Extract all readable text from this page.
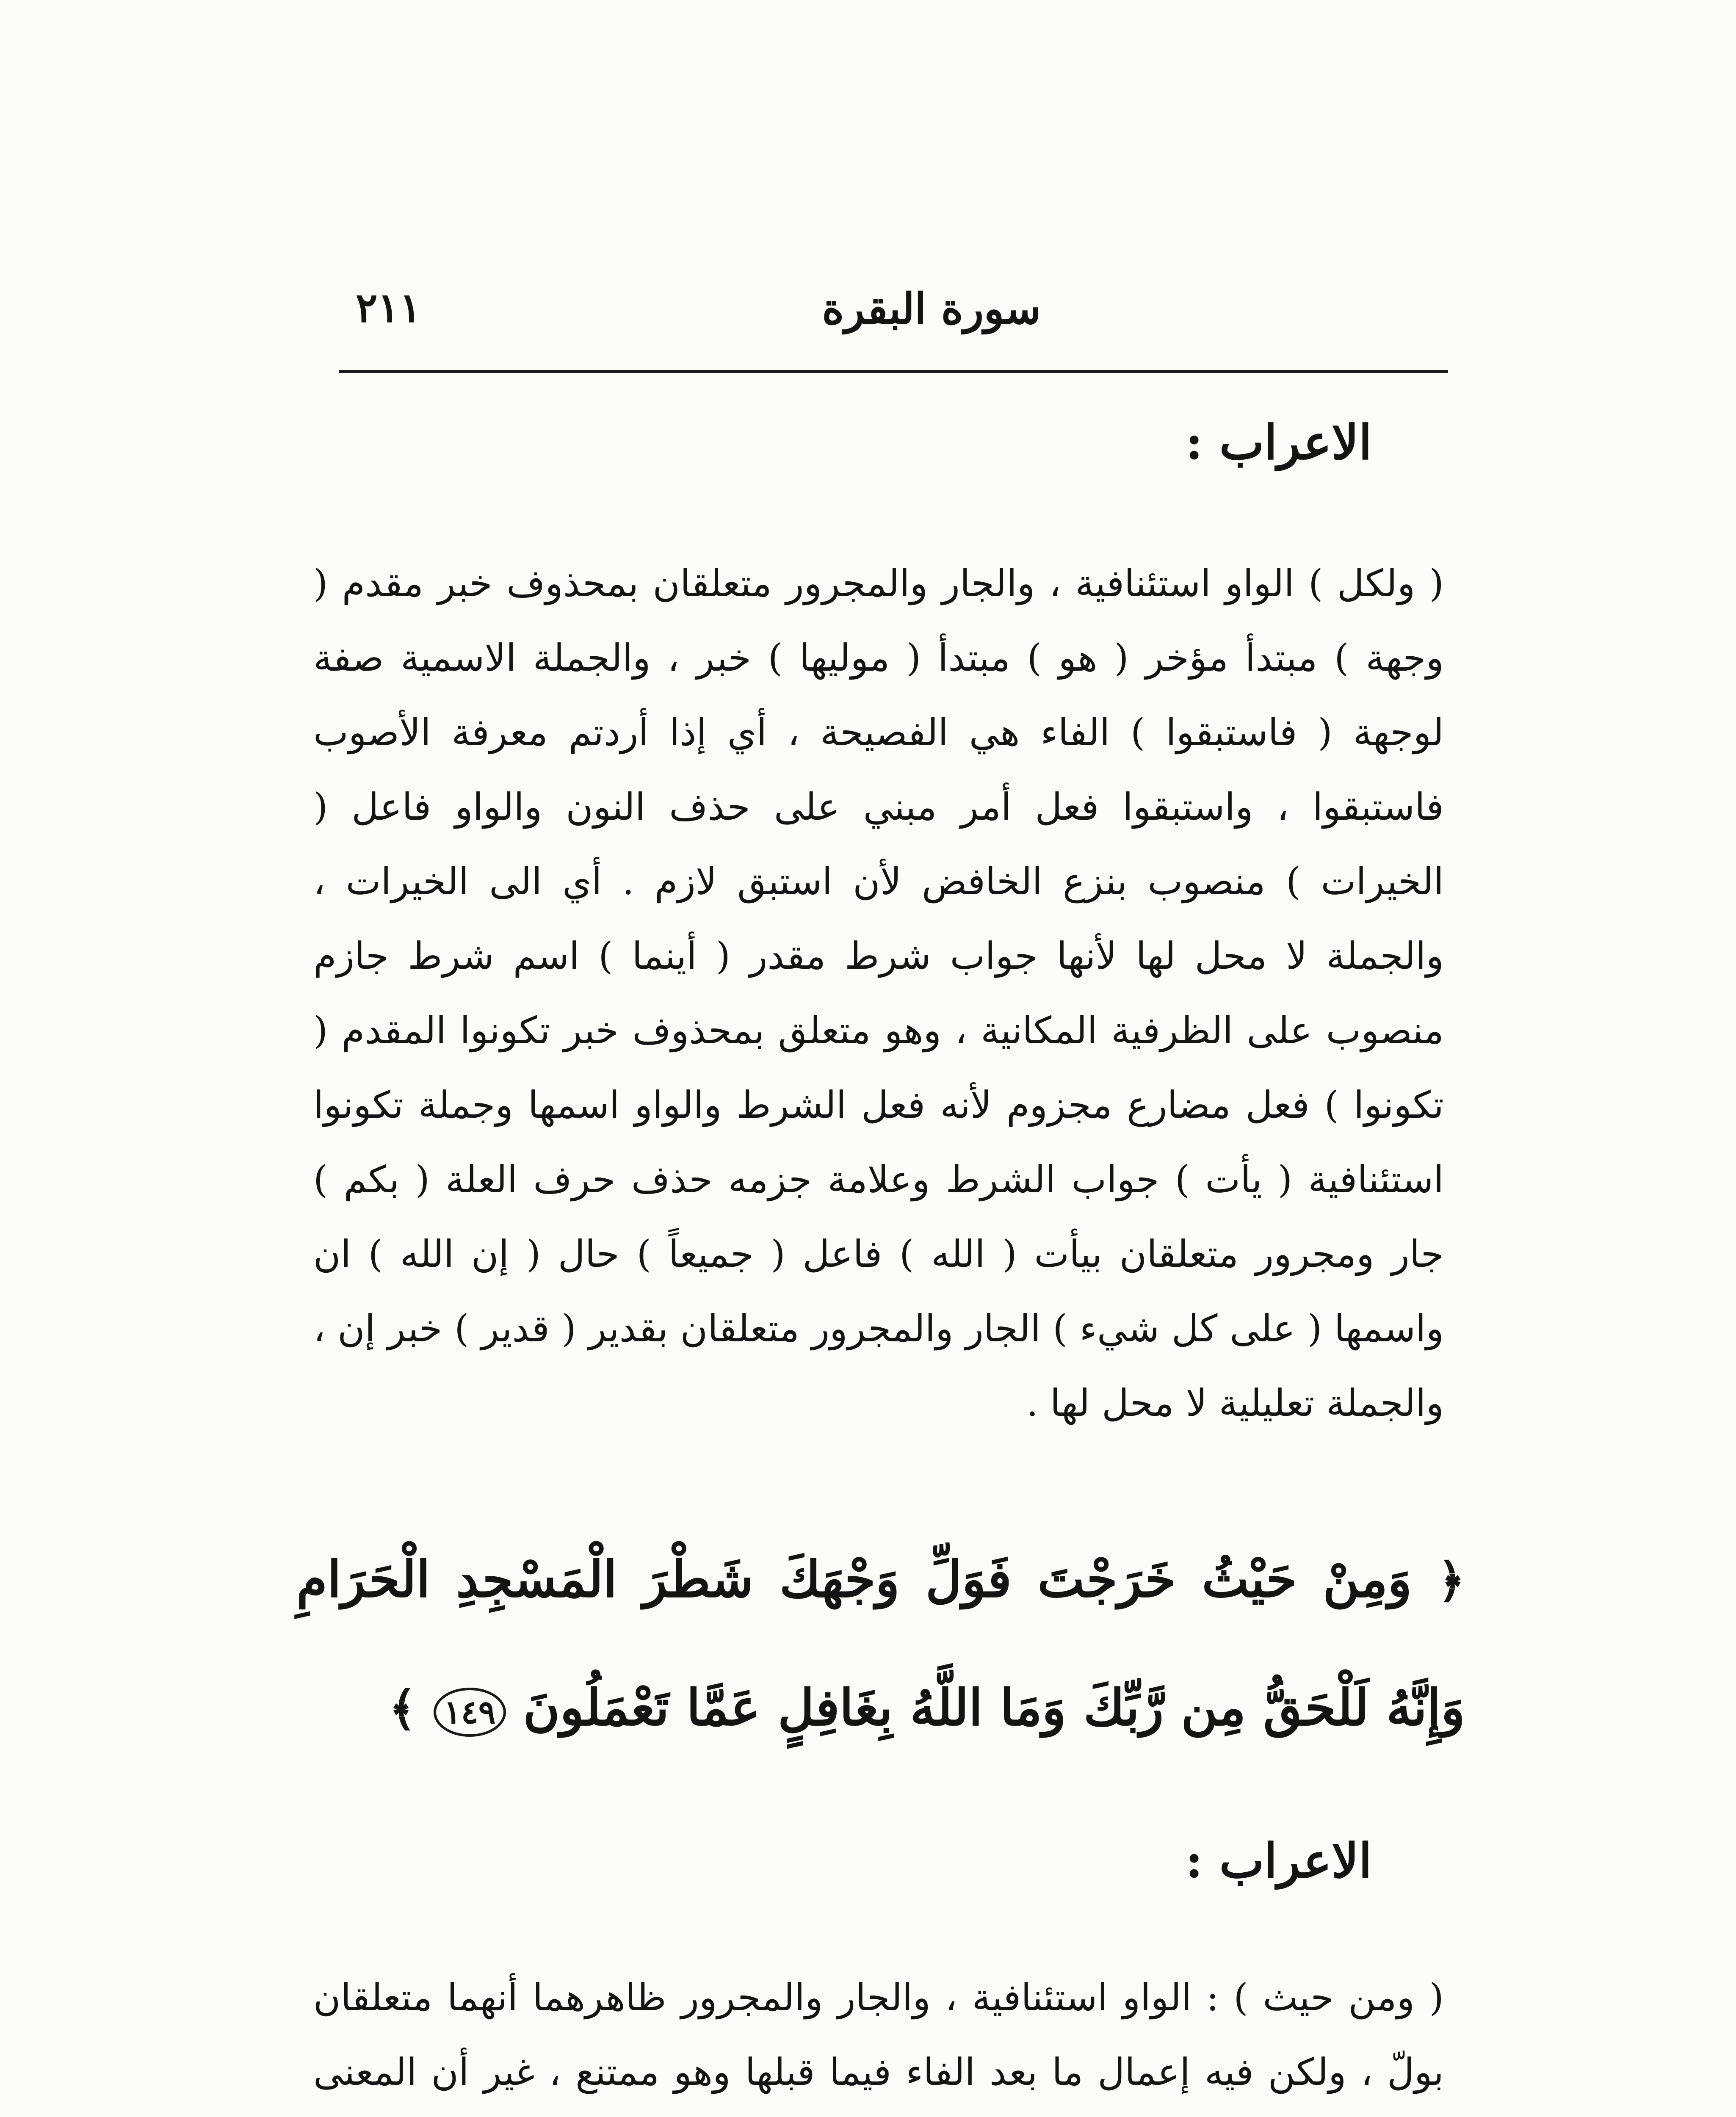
٢١١	سورة البقرة
الاعراب :

( ولكل ) الواو استئنافية ، والجار والمجرور متعلقان بمحذوف خبر مقدم ( وجهة ) مبتدأ مؤخر ( هو ) مبتدأ ( موليها ) خبر ، والجملة الاسمية صفة لوجهة ( فاستبقوا ) الفاء هي الفصيحة ، أي إذا أردتم معرفة الأصوب فاستبقوا ، واستبقوا فعل أمر مبني على حذف النون والواو فاعل ( الخيرات ) منصوب بنزع الخافض لأن استبق لازم . أي الى الخيرات ، والجملة لا محل لها لأنها جواب شرط مقدر ( أينما ) اسم شرط جازم منصوب على الظرفية المكانية ، وهو متعلق بمحذوف خبر تكونوا المقدم ( تكونوا ) فعل مضارع مجزوم لأنه فعل الشرط والواو اسمها وجملة تكونوا استئنافية ( يأت ) جواب الشرط وعلامة جزمه حذف حرف العلة ( بكم ) جار ومجرور متعلقان بيأت ( الله ) فاعل ( جميعاً ) حال ( إن الله ) ان واسمها ( على كل شيء ) الجار والمجرور متعلقان بقدير ( قدير ) خبر إن ، والجملة تعليلية لا محل لها .

﴿ وَمِنْ حَيْثُ خَرَجْتَ فَوَلِّ وَجْهَكَ شَطْرَ الْمَسْجِدِ الْحَرَامِ وَإِنَّهُ لَلْحَقُّ مِن رَّبِّكَ وَمَا اللَّهُ بِغَافِلٍ عَمَّا تَعْمَلُونَ ١٤٩ ﴾

الاعراب :

( ومن حيث ) : الواو استئنافية ، والجار والمجرور ظاهرهما أنهما متعلقان بولّ ، ولكن فيه إعمال ما بعد الفاء فيما قبلها وهو ممتنع ، غير أن المعنى
